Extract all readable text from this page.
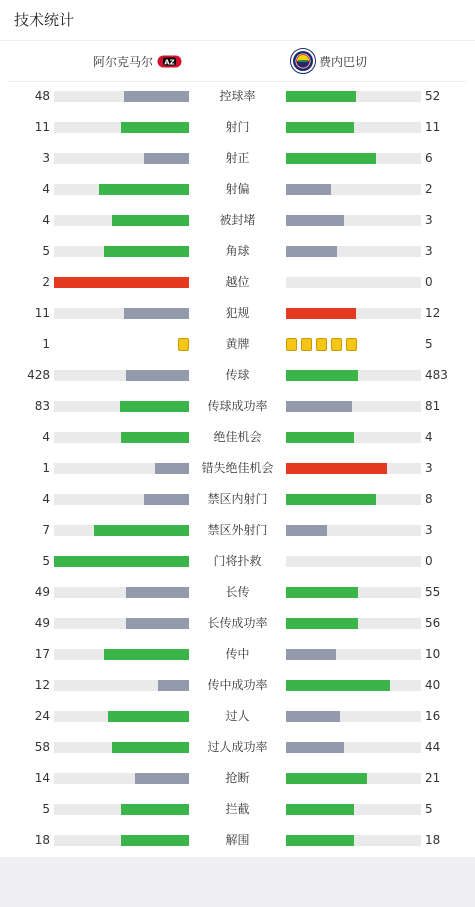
技术统计
阿尔克马尔 AZ	费内巴切
48	控球率	52
11	射门	11
3	射正	6
4	射偏	2
4	被封堵	3
5	角球	3
2	越位	0
11	犯规	12
1	黄牌	5
428	传球	483
83	传球成功率	81
4	绝佳机会	4
1	错失绝佳机会	3
4	禁区内射门	8
7	禁区外射门	3
5	门将扑救	0
49	长传	55
49	长传成功率	56
17	传中	10
12	传中成功率	40
24	过人	16
58	过人成功率	44
14	抢断	21
5	拦截	5
18	解围	18
